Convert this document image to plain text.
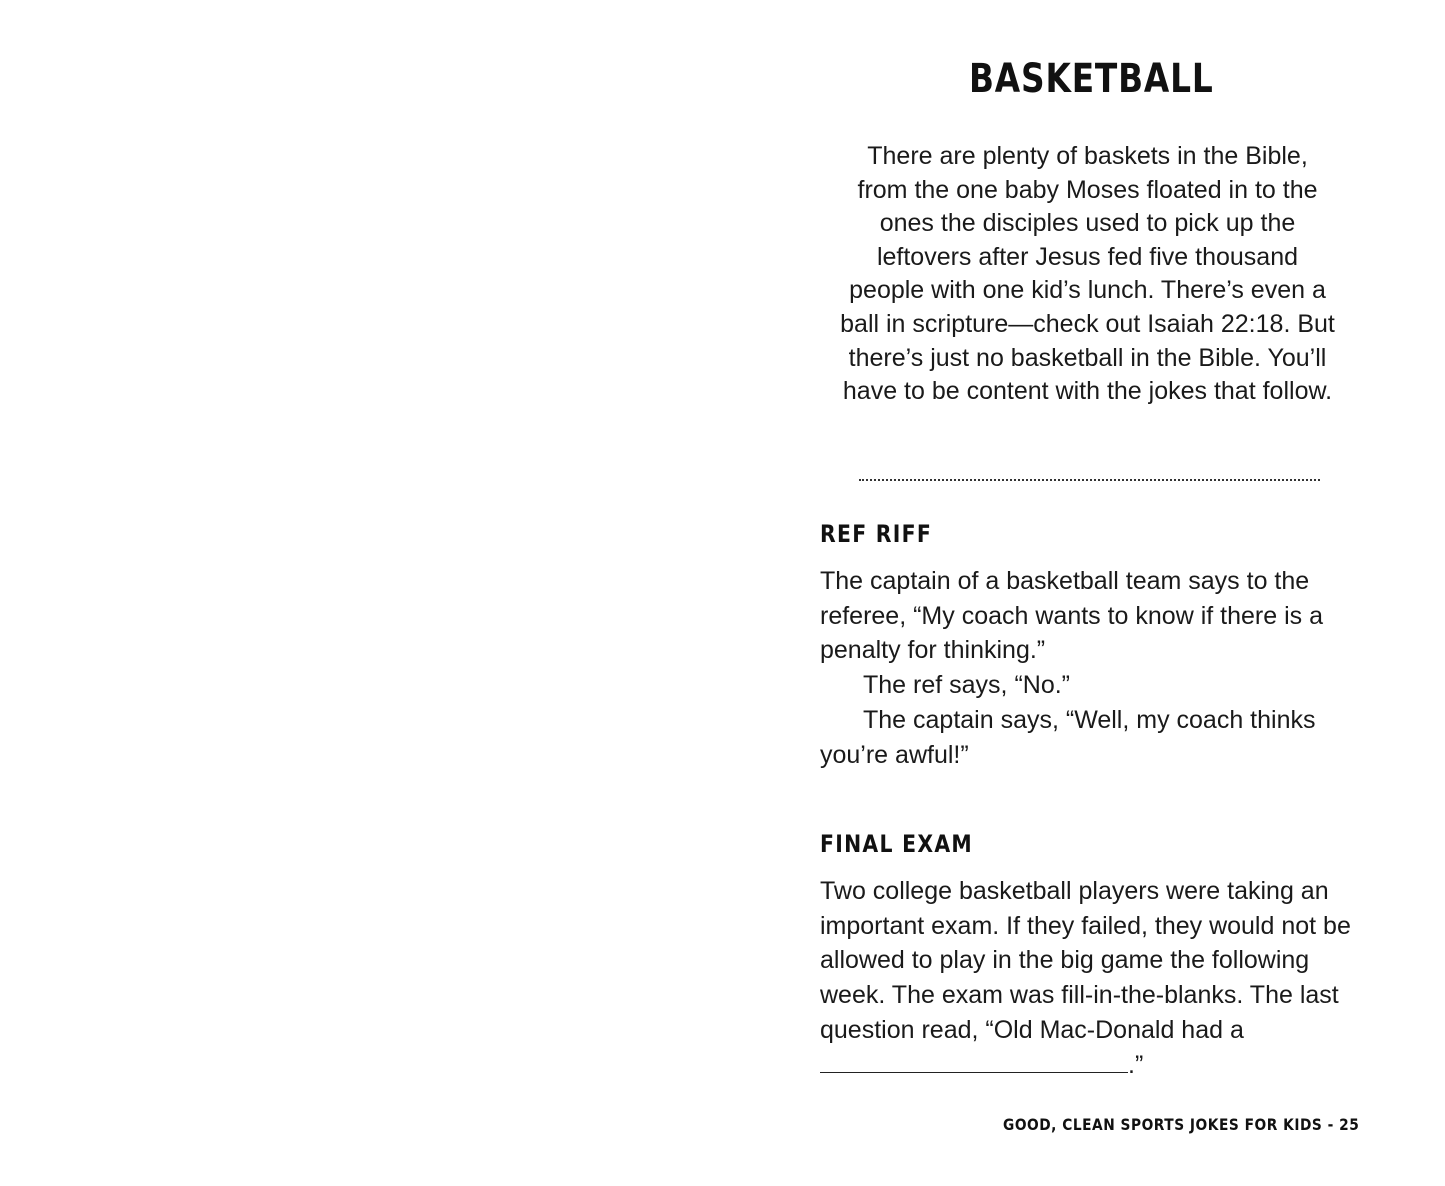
BASKETBALL

There are plenty of baskets in the Bible, from the one baby Moses floated in to the ones the disciples used to pick up the leftovers after Jesus fed five thousand people with one kid’s lunch. There’s even a ball in scripture—check out Isaiah 22:18. But there’s just no basketball in the Bible. You’ll have to be content with the jokes that follow.

REF RIFF

The captain of a basketball team says to the referee, “My coach wants to know if there is a penalty for thinking.”

The ref says, “No.”

The captain says, “Well, my coach thinks you’re awful!”

FINAL EXAM

Two college basketball players were taking an important exam. If they failed, they would not be allowed to play in the big game the following week. The exam was fill-in-the-blanks. The last question read, “Old Mac-Donald had a .”

GOOD, CLEAN SPORTS JOKES FOR KIDS - 25
